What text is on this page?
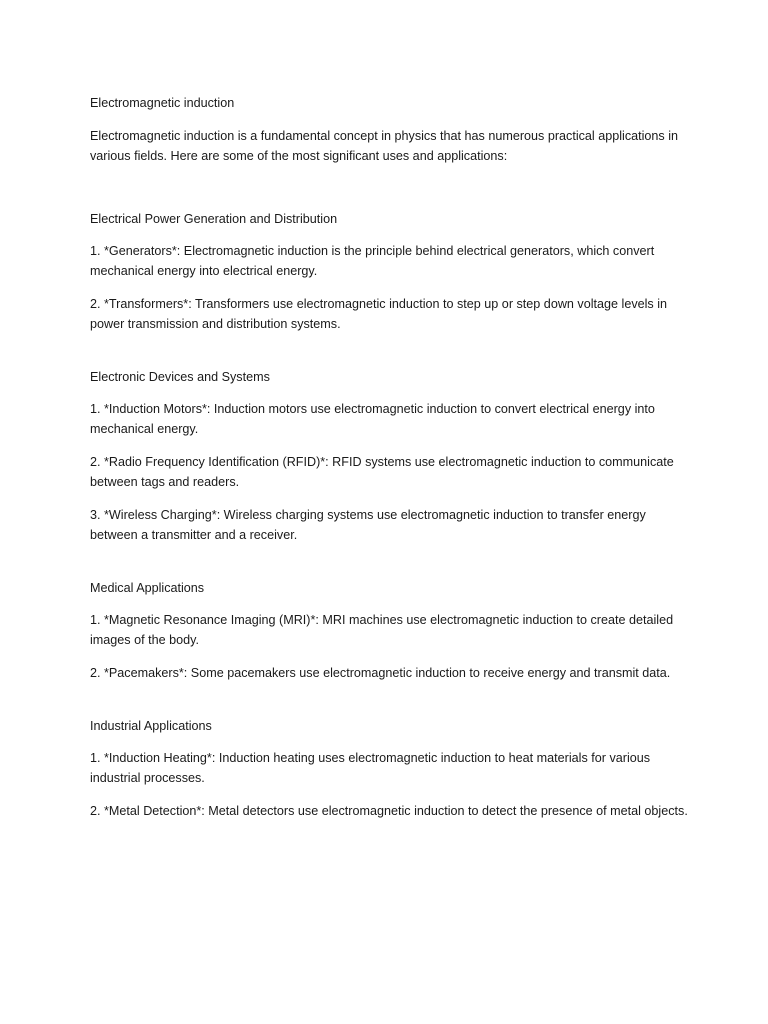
Electromagnetic induction

Electromagnetic induction is a fundamental concept in physics that has numerous practical applications in various fields. Here are some of the most significant uses and applications:

Electrical Power Generation and Distribution

1. *Generators*: Electromagnetic induction is the principle behind electrical generators, which convert mechanical energy into electrical energy.

2. *Transformers*: Transformers use electromagnetic induction to step up or step down voltage levels in power transmission and distribution systems.

Electronic Devices and Systems

1. *Induction Motors*: Induction motors use electromagnetic induction to convert electrical energy into mechanical energy.

2. *Radio Frequency Identification (RFID)*: RFID systems use electromagnetic induction to communicate between tags and readers.

3. *Wireless Charging*: Wireless charging systems use electromagnetic induction to transfer energy between a transmitter and a receiver.

Medical Applications

1. *Magnetic Resonance Imaging (MRI)*: MRI machines use electromagnetic induction to create detailed images of the body.

2. *Pacemakers*: Some pacemakers use electromagnetic induction to receive energy and transmit data.

Industrial Applications

1. *Induction Heating*: Induction heating uses electromagnetic induction to heat materials for various industrial processes.

2. *Metal Detection*: Metal detectors use electromagnetic induction to detect the presence of metal objects.
